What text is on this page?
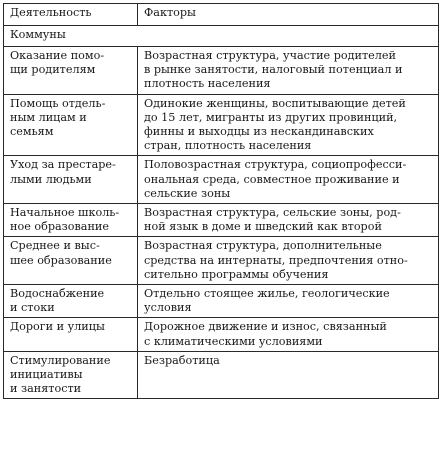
Деятельность	Факторы
Коммуны	

Оказание помо-
щи родителям	Возрастная структура, участие родителей
в рынке занятости, налоговый потенциал и
плотность населения

Помощь отдель-
ным лицам и
семьям	Одинокие женщины, воспитывающие детей
до 15 лет, мигранты из других провинций,
финны и выходцы из нескандинавских
стран, плотность населения

Уход за престаре-
лыми людьми	Половозрастная структура, социопрофесси-
ональная среда, совместное проживание и
сельские зоны

Начальное школь-
ное образование	Возрастная структура, сельские зоны, род-
ной язык в доме и шведский как второй

Среднее и выс-
шее образование	Возрастная структура, дополнительные
средства на интернаты, предпочтения отно-
сительно программы обучения

Водоснабжение
и стоки	Отдельно стоящее жилье, геологические
условия

Дороги и улицы	Дорожное движение и износ, связанный
с климатическими условиями

Стимулирование
инициативы
и занятости	Безработица
